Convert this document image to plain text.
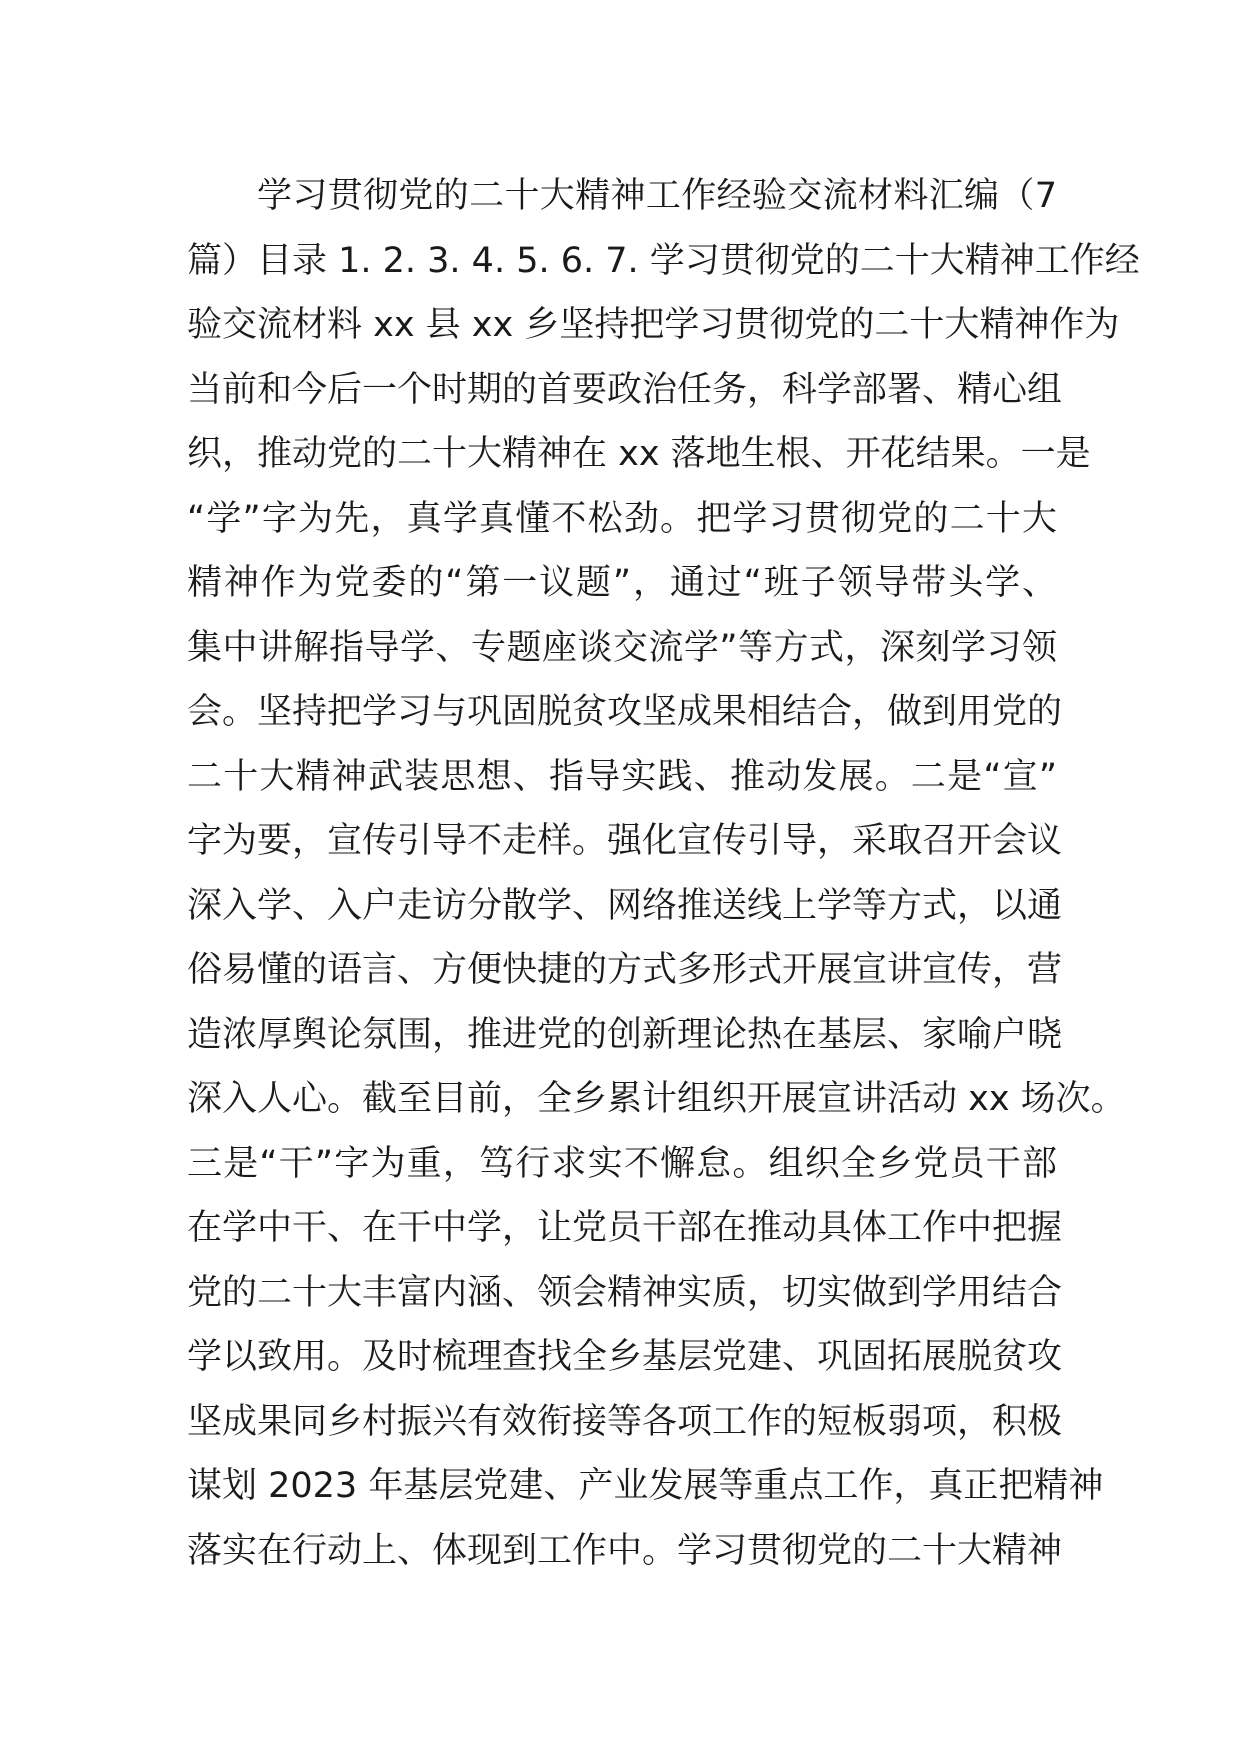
学习贯彻党的二十大精神工作经验交流材料汇编（7
篇）目录 1. 2. 3. 4. 5. 6. 7. 学习贯彻党的二十大精神工作经
验交流材料 xx 县 xx 乡坚持把学习贯彻党的二十大精神作为
当前和今后一个时期的首要政治任务，科学部署、精心组
织，推动党的二十大精神在 xx 落地生根、开花结果。一是
“学”字为先，真学真懂不松劲。把学习贯彻党的二十大
精神作为党委的“第一议题”，通过“班子领导带头学、
集中讲解指导学、专题座谈交流学”等方式，深刻学习领
会。坚持把学习与巩固脱贫攻坚成果相结合，做到用党的
二十大精神武装思想、指导实践、推动发展。二是“宣”
字为要，宣传引导不走样。强化宣传引导，采取召开会议
深入学、入户走访分散学、网络推送线上学等方式，以通
俗易懂的语言、方便快捷的方式多形式开展宣讲宣传，营
造浓厚舆论氛围，推进党的创新理论热在基层、家喻户晓
深入人心。截至目前，全乡累计组织开展宣讲活动 xx 场次。
三是“干”字为重，笃行求实不懈怠。组织全乡党员干部
在学中干、在干中学，让党员干部在推动具体工作中把握
党的二十大丰富内涵、领会精神实质，切实做到学用结合
学以致用。及时梳理查找全乡基层党建、巩固拓展脱贫攻
坚成果同乡村振兴有效衔接等各项工作的短板弱项，积极
谋划 2023 年基层党建、产业发展等重点工作，真正把精神
落实在行动上、体现到工作中。学习贯彻党的二十大精神
